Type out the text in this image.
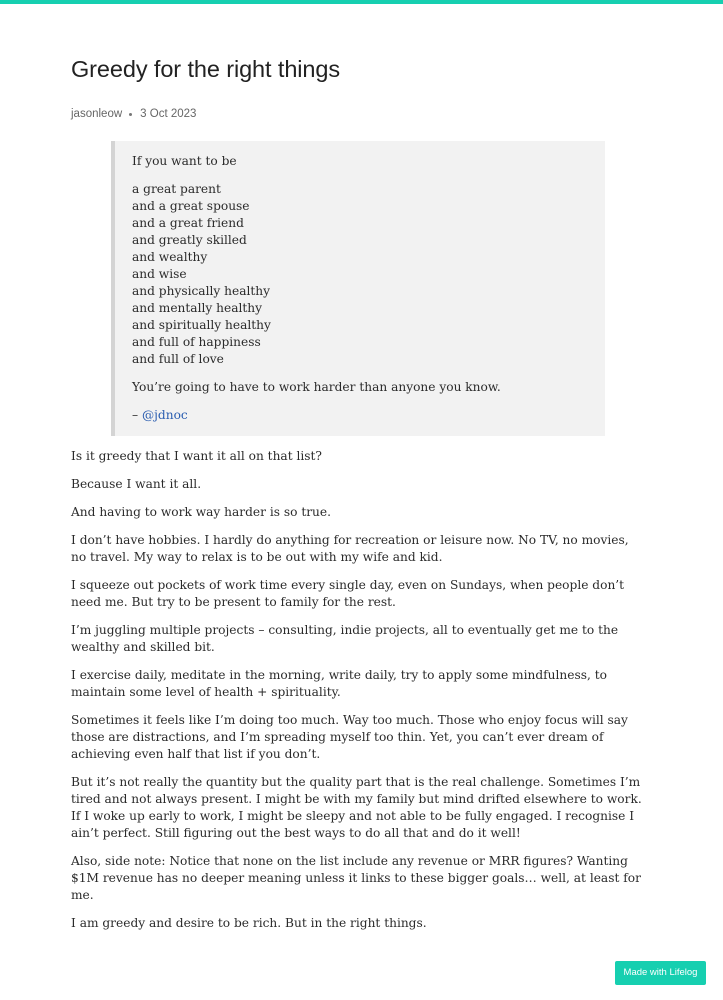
Greedy for the right things
jasonleow 3 Oct 2023

If you want to be

a great parent
and a great spouse
and a great friend
and greatly skilled
and wealthy
and wise
and physically healthy
and mentally healthy
and spiritually healthy
and full of happiness
and full of love

You’re going to have to work harder than anyone you know.

– @jdnoc

Is it greedy that I want it all on that list?

Because I want it all.

And having to work way harder is so true.

I don’t have hobbies. I hardly do anything for recreation or leisure now. No TV, no movies, no travel. My way to relax is to be out with my wife and kid.

I squeeze out pockets of work time every single day, even on Sundays, when people don’t need me. But try to be present to family for the rest.

I’m juggling multiple projects – consulting, indie projects, all to eventually get me to the wealthy and skilled bit.

I exercise daily, meditate in the morning, write daily, try to apply some mindfulness, to maintain some level of health + spirituality.

Sometimes it feels like I’m doing too much. Way too much. Those who enjoy focus will say those are distractions, and I’m spreading myself too thin. Yet, you can’t ever dream of achieving even half that list if you don’t.

But it’s not really the quantity but the quality part that is the real challenge. Sometimes I’m tired and not always present. I might be with my family but mind drifted elsewhere to work. If I woke up early to work, I might be sleepy and not able to be fully engaged. I recognise I ain’t perfect. Still figuring out the best ways to do all that and do it well!

Also, side note: Notice that none on the list include any revenue or MRR figures? Wanting $1M revenue has no deeper meaning unless it links to these bigger goals… well, at least for me.

I am greedy and desire to be rich. But in the right things.

Made with Lifelog
